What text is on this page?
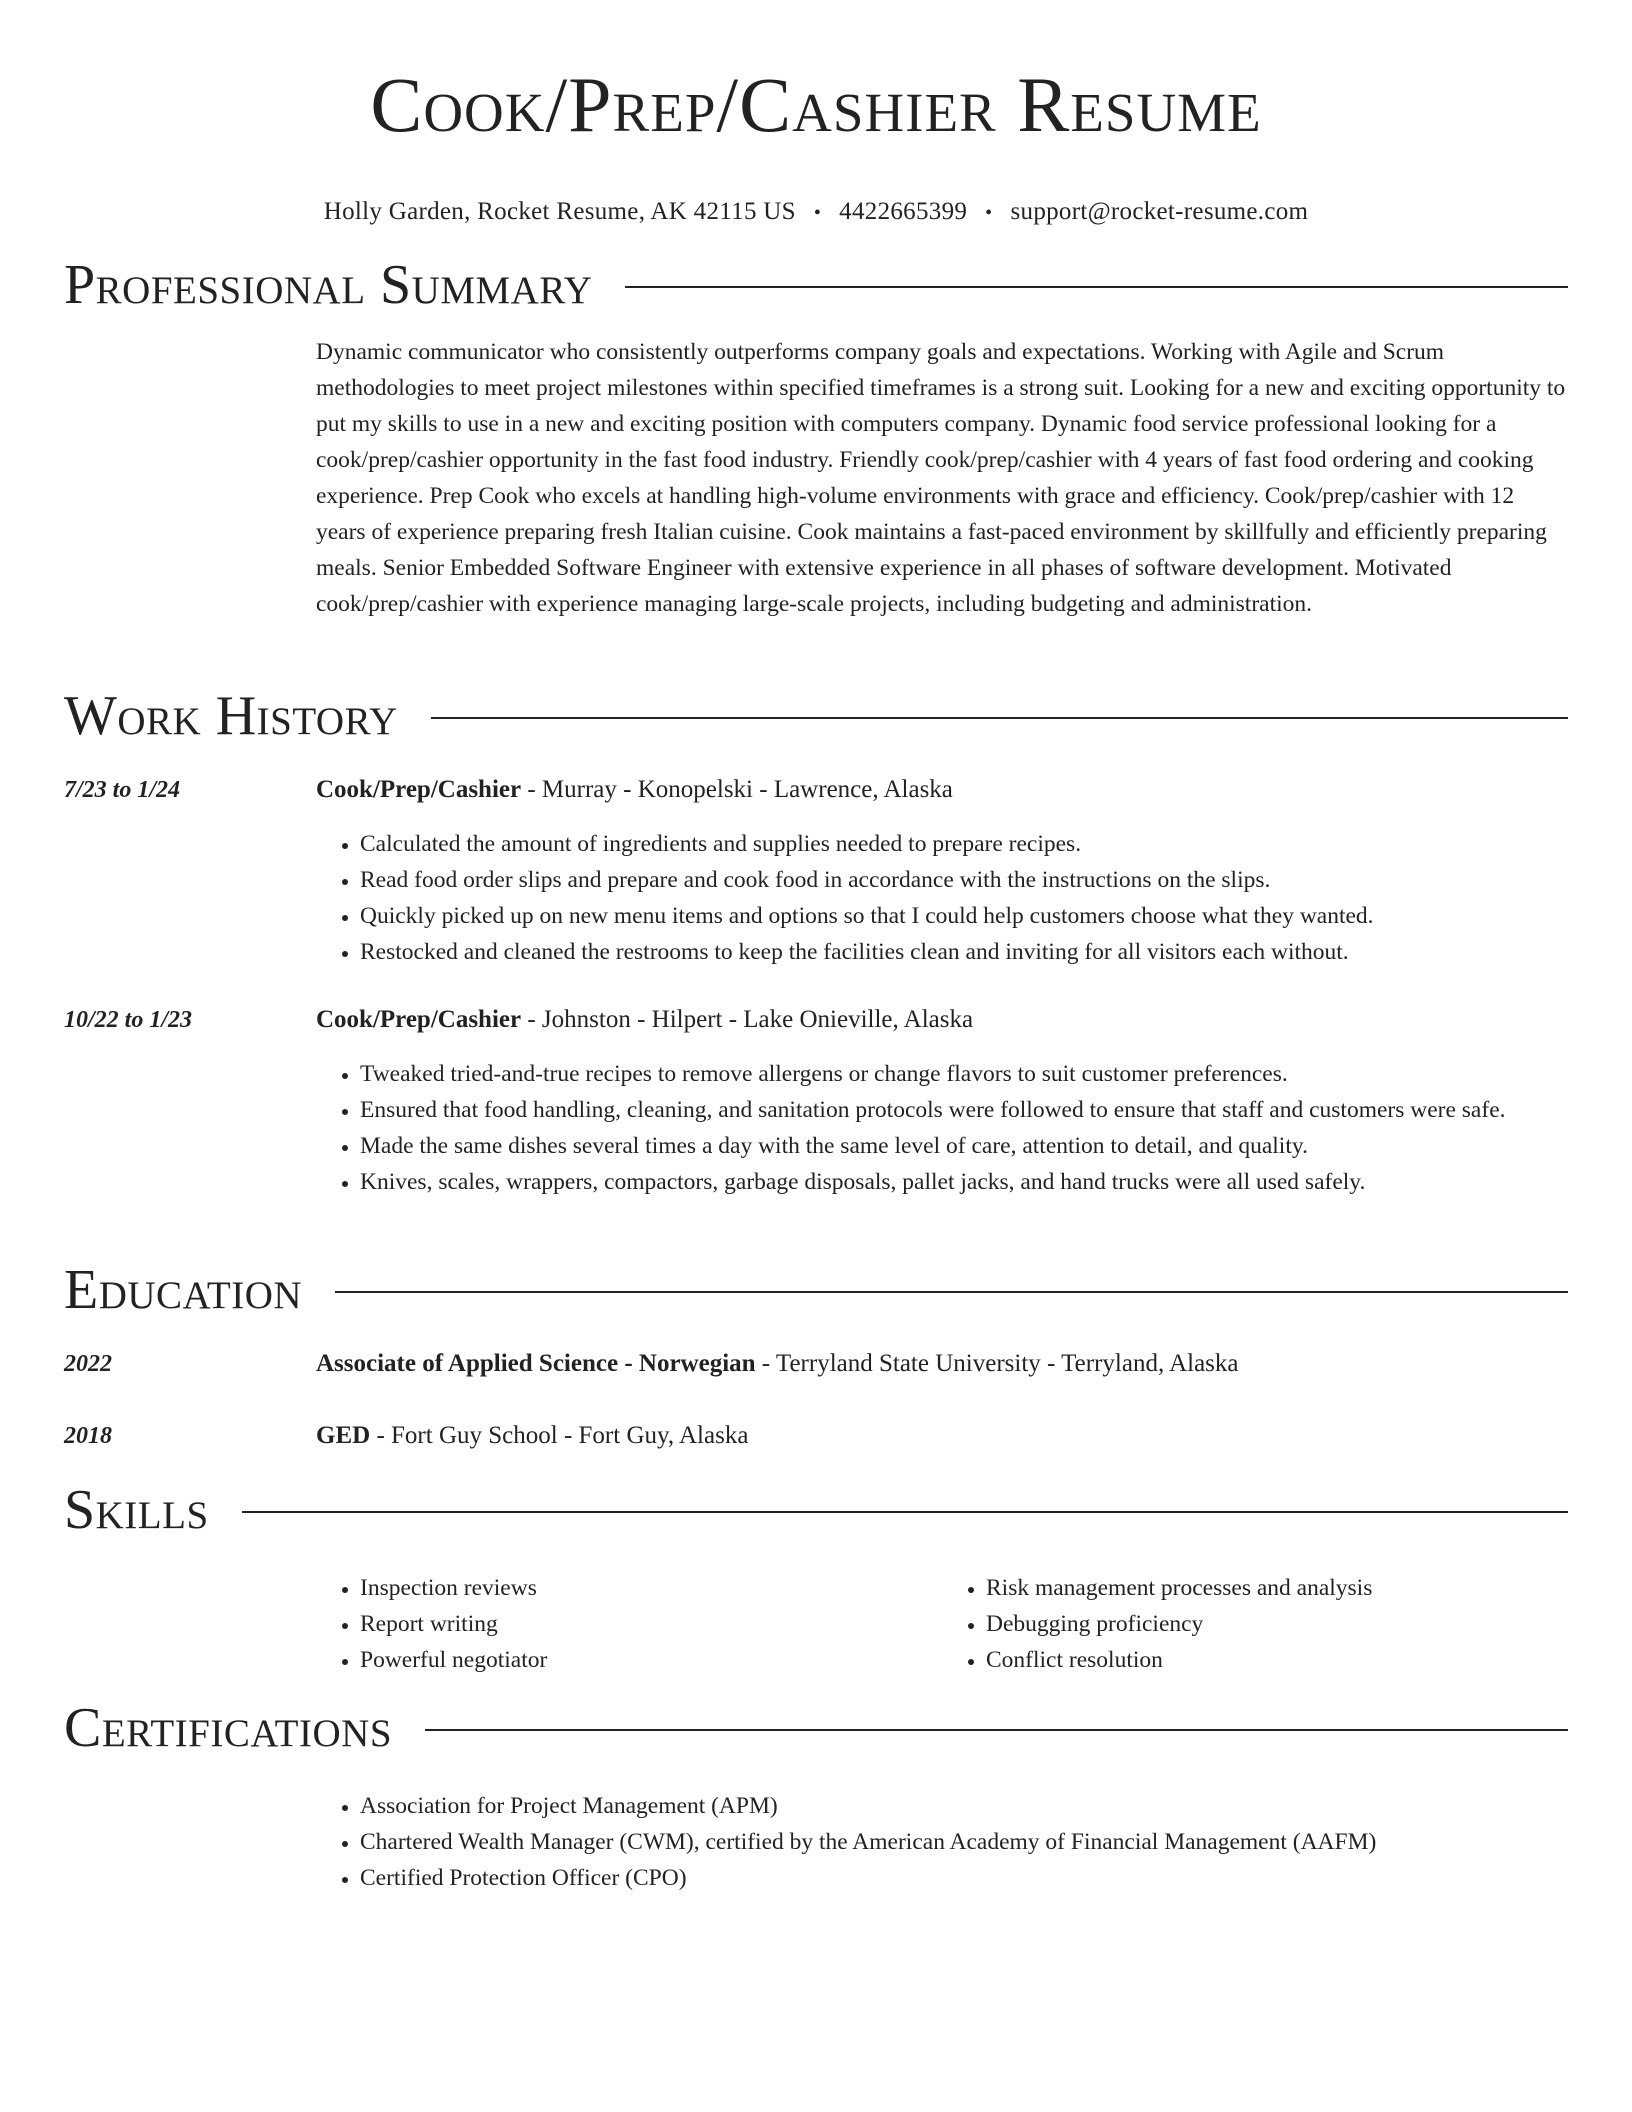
Cook/Prep/Cashier Resume
Holly Garden, Rocket Resume, AK 42115 US • 4422665399 • support@rocket-resume.com
Professional Summary
Dynamic communicator who consistently outperforms company goals and expectations. Working with Agile and Scrum methodologies to meet project milestones within specified timeframes is a strong suit. Looking for a new and exciting opportunity to put my skills to use in a new and exciting position with computers company. Dynamic food service professional looking for a cook/prep/cashier opportunity in the fast food industry. Friendly cook/prep/cashier with 4 years of fast food ordering and cooking experience. Prep Cook who excels at handling high-volume environments with grace and efficiency. Cook/prep/cashier with 12 years of experience preparing fresh Italian cuisine. Cook maintains a fast-paced environment by skillfully and efficiently preparing meals. Senior Embedded Software Engineer with extensive experience in all phases of software development. Motivated cook/prep/cashier with experience managing large-scale projects, including budgeting and administration.
Work History
7/23 to 1/24	Cook/Prep/Cashier - Murray - Konopelski - Lawrence, Alaska
• Calculated the amount of ingredients and supplies needed to prepare recipes.
• Read food order slips and prepare and cook food in accordance with the instructions on the slips.
• Quickly picked up on new menu items and options so that I could help customers choose what they wanted.
• Restocked and cleaned the restrooms to keep the facilities clean and inviting for all visitors each without.
10/22 to 1/23	Cook/Prep/Cashier - Johnston - Hilpert - Lake Onieville, Alaska
• Tweaked tried-and-true recipes to remove allergens or change flavors to suit customer preferences.
• Ensured that food handling, cleaning, and sanitation protocols were followed to ensure that staff and customers were safe.
• Made the same dishes several times a day with the same level of care, attention to detail, and quality.
• Knives, scales, wrappers, compactors, garbage disposals, pallet jacks, and hand trucks were all used safely.
Education
2022	Associate of Applied Science - Norwegian - Terryland State University - Terryland, Alaska
2018	GED - Fort Guy School - Fort Guy, Alaska
Skills
• Inspection reviews
• Report writing
• Powerful negotiator
• Risk management processes and analysis
• Debugging proficiency
• Conflict resolution
Certifications
• Association for Project Management (APM)
• Chartered Wealth Manager (CWM), certified by the American Academy of Financial Management (AAFM)
• Certified Protection Officer (CPO)
